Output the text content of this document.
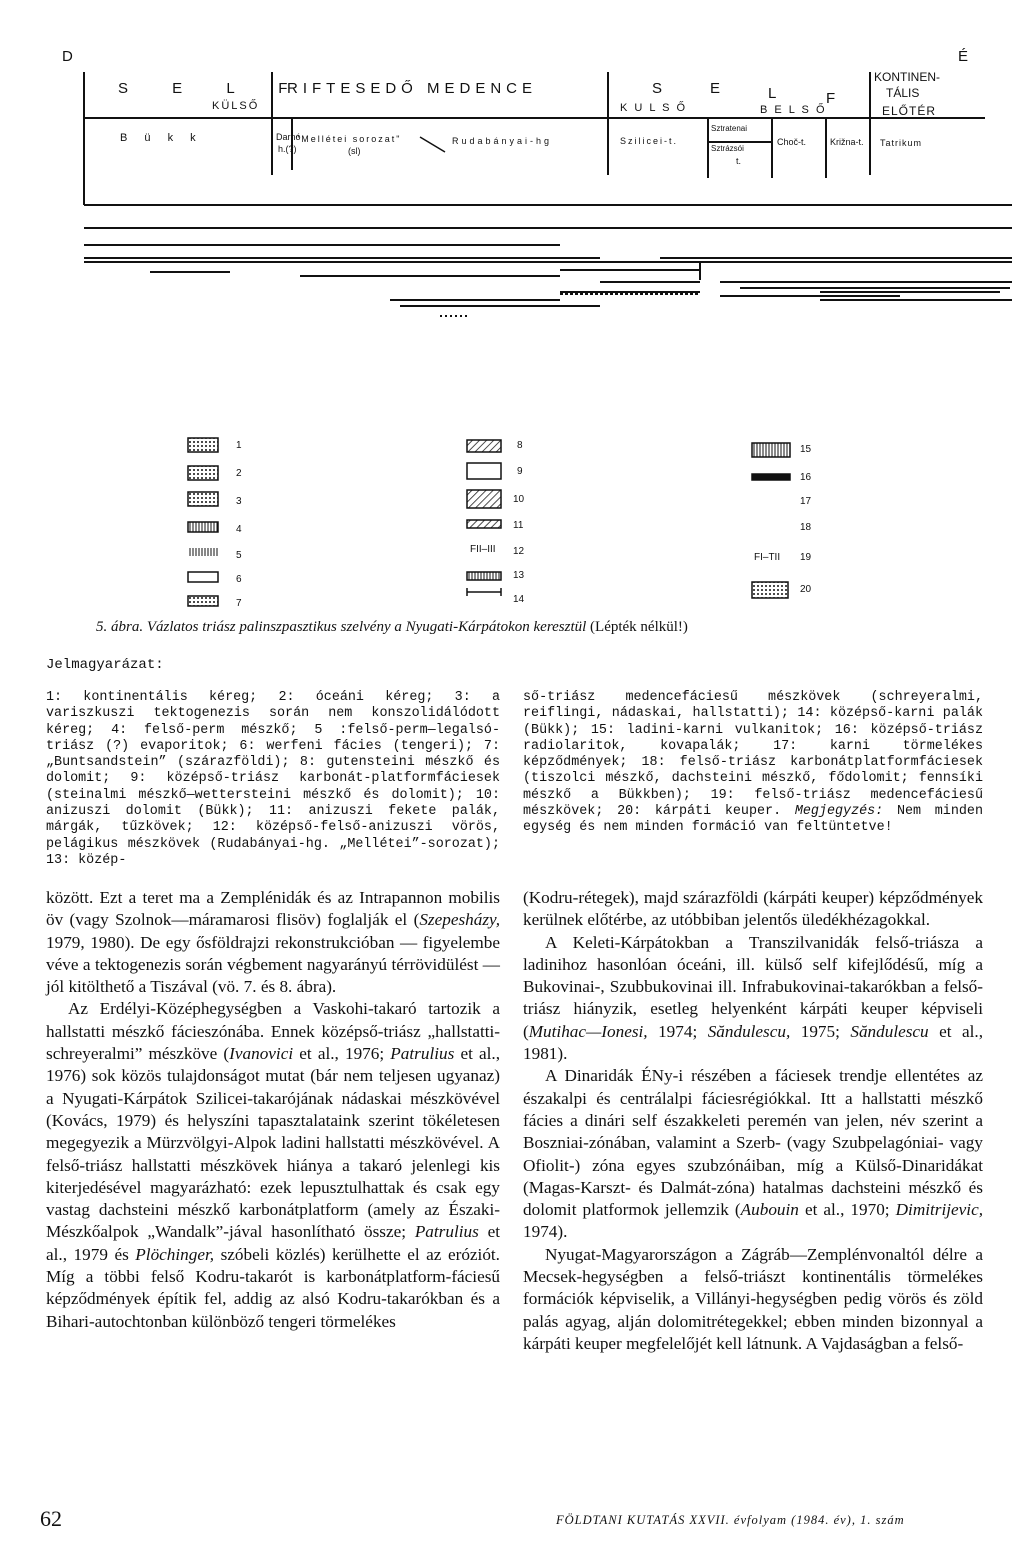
D	É
S E L F
KÜLSŐ
RIFTESEDŐ MEDENCE	S	E	L	F
K U L S Ő	B E L S Ő
KONTINEN-
TÁLIS
ELŐTÉR
B ü k k	Darnó
h.(?)
"Mellétei sorozat"
(sl)
Rudabányai-hg	Szilicei-t.
Sztratenai
Sztrázsói
t.
Choč-t.	Križna-t. Tatrikum
1
2
3
4
5
6
7
8
9
10
11
FII–III 12
13
14
15
16
17
18
FI–TII 19
20
5. ábra. Vázlatos triász palinszpasztikus szelvény a Nyugati-Kárpátokon keresztül (Lépték nélkül!)
Jelmagyarázat:
1: kontinentális kéreg; 2: óceáni kéreg; 3: a variszkuszi tektogenezis során nem konszolidálódott kéreg; 4: felső-perm mészkő; 5 :felső-perm—legalsó-triász (?) evaporitok; 6: werfeni fácies (tengeri); 7: „Buntsandstein” (szárazföldi); 8: gutensteini mészkő és dolomit; 9: középső-triász karbonát-platformfáciesek (steinalmi mészkő—wettersteini mészkő és dolomit); 10: anizuszi dolomit (Bükk); 11: anizuszi fekete palák, márgák, tűzkövek; 12: középső-felső-anizuszi vörös, pelágikus mészkövek (Rudabányai-hg. „Mellétei”-sorozat); 13: közép-
ső-triász medencefáciesű mészkövek (schreyeralmi, reiflingi, nádaskai, hallstatti); 14: középső-karni palák (Bükk); 15: ladini-karni vulkanitok; 16: középső-triász radiolaritok, kovapalák; 17: karni törmelékes képződmények; 18: felső-triász karbonátplatformfáciesek (tiszolci mészkő, dachsteini mészkő, fődolomit; fennsíki mészkő a Bükkben); 19: felső-triász medencefáciesű mészkövek; 20: kárpáti keuper. Megjegyzés: Nem minden egység és nem minden formáció van feltüntetve!

között. Ezt a teret ma a Zemplénidák és az Intrapannon mobilis öv (vagy Szolnok—máramarosi flisöv) foglalják el (Szepesházy, 1979, 1980). De egy ősföldrajzi rekonstrukcióban — figyelembe véve a tektogenezis során végbement nagyarányú térrövidülést — jól kitölthető a Tiszával (vö. 7. és 8. ábra).

Az Erdélyi-Középhegységben a Vaskohi-takaró tartozik a hallstatti mészkő fácieszónába. Ennek középső-triász „hallstatti-schreyeralmi” mészköve (Ivanovici et al., 1976; Patrulius et al., 1976) sok közös tulajdonságot mutat (bár nem teljesen ugyanaz) a Nyugati-Kárpátok Szilicei-takarójának nádaskai mészkövével (Kovács, 1979) és helyszíni tapasztalataink szerint tökéletesen megegyezik a Mürzvölgyi-Alpok ladini hallstatti mészkövével. A felső-triász hallstatti mészkövek hiánya a takaró jelenlegi kis kiterjedésével magyarázható: ezek lepusztulhattak és csak egy vastag dachsteini mészkő karbonátplatform (amely az Északi-Mészkőalpok „Wandalk”-jával hasonlítható össze; Patrulius et al., 1979 és Plöchinger, szóbeli közlés) kerülhette el az eróziót. Míg a többi felső Kodru-takarót is karbonátplatform-fáciesű képződmények építik fel, addig az alsó Kodru-takarókban és a Bihari-autochtonban különböző tengeri törmelékes

(Kodru-rétegek), majd szárazföldi (kárpáti keuper) képződmények kerülnek előtérbe, az utóbbiban jelentős üledékhézagokkal.

A Keleti-Kárpátokban a Transzilvanidák felső-triásza a ladinihoz hasonlóan óceáni, ill. külső self kifejlődésű, míg a Bukovinai-, Szubbukovinai ill. Infrabukovinai-takarókban a felső-triász hiányzik, esetleg helyenként kárpáti keuper képviseli (Mutihac—Ionesi, 1974; Săndulescu, 1975; Săndulescu et al., 1981).

A Dinaridák ÉNy-i részében a fáciesek trendje ellentétes az északalpi és centrálalpi fáciesrégiókkal. Itt a hallstatti mészkő fácies a dinári self északkeleti peremén van jelen, név szerint a Boszniai-zónában, valamint a Szerb- (vagy Szubpelagóniai- vagy Ofiolit-) zóna egyes szubzónáiban, míg a Külső-Dinaridákat (Magas-Karszt- és Dalmát-zóna) hatalmas dachsteini mészkő és dolomit platformok jellemzik (Aubouin et al., 1970; Dimitrijevic, 1974).

Nyugat-Magyarországon a Zágráb—Zemplénvonaltól délre a Mecsek-hegységben a felső-triászt kontinentális törmelékes formációk képviselik, a Villányi-hegységben pedig vörös és zöld palás agyag, alján dolomitrétegekkel; ebben minden bizonnyal a kárpáti keuper megfelelőjét kell látnunk. A Vajdaságban a felső-

62	FÖLDTANI KUTATÁS XXVII. évfolyam (1984. év), 1. szám
